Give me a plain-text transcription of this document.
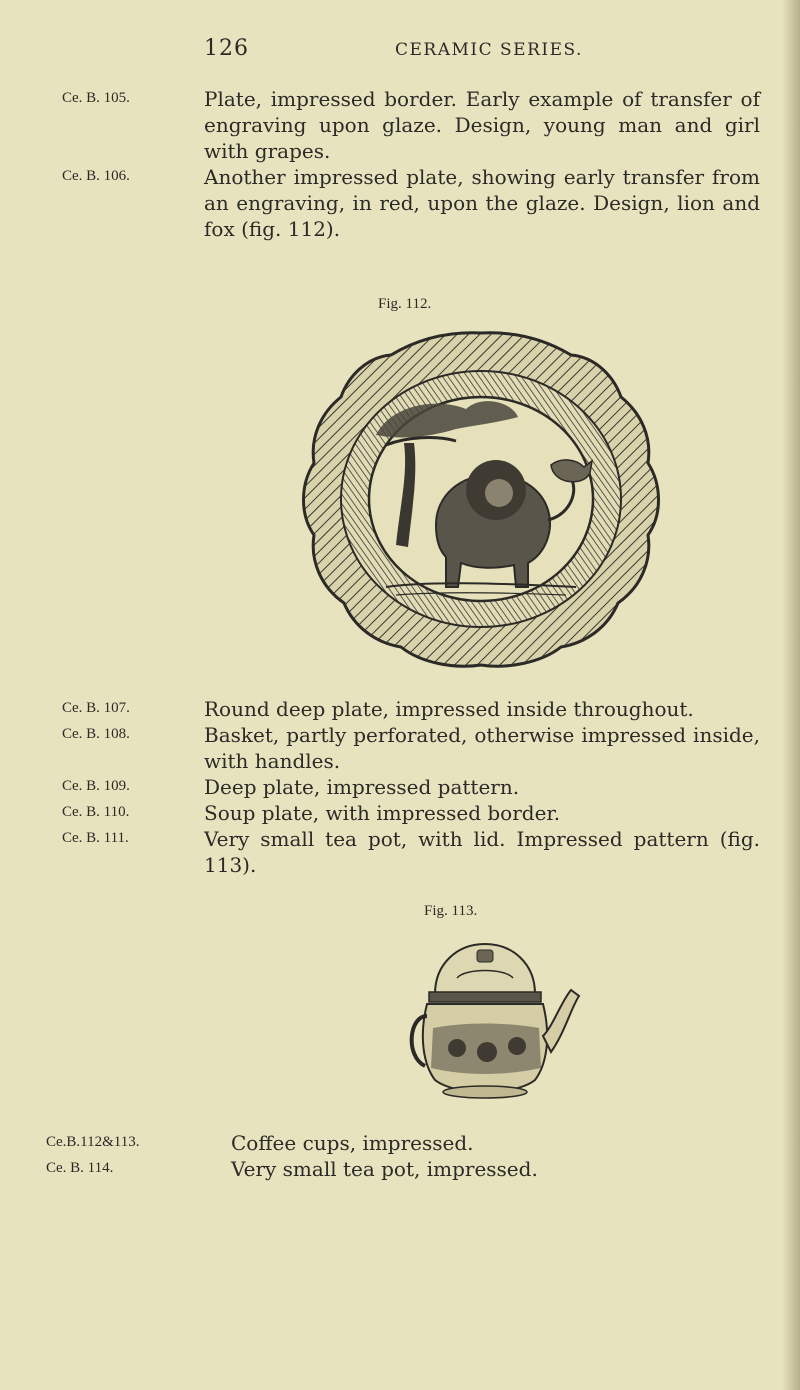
126	CERAMIC SERIES.
Ce. B. 105.	Plate, impressed border. Early example of transfer of engraving upon glaze. Design, young man and girl with grapes.
Ce. B. 106.	Another impressed plate, showing early transfer from an engraving, in red, upon the glaze. Design, lion and fox (fig. 112).
Fig. 112.
Ce. B. 107.	Round deep plate, impressed inside throughout.
Ce. B. 108.	Basket, partly perforated, otherwise impressed inside, with handles.
Ce. B. 109.	Deep plate, impressed pattern.
Ce. B. 110.	Soup plate, with impressed border.
Ce. B. 111.	Very small tea pot, with lid. Impressed pattern (fig. 113).
Fig. 113.
Ce.B.112&113.	Coffee cups, impressed.
Ce. B. 114.	Very small tea pot, impressed.
